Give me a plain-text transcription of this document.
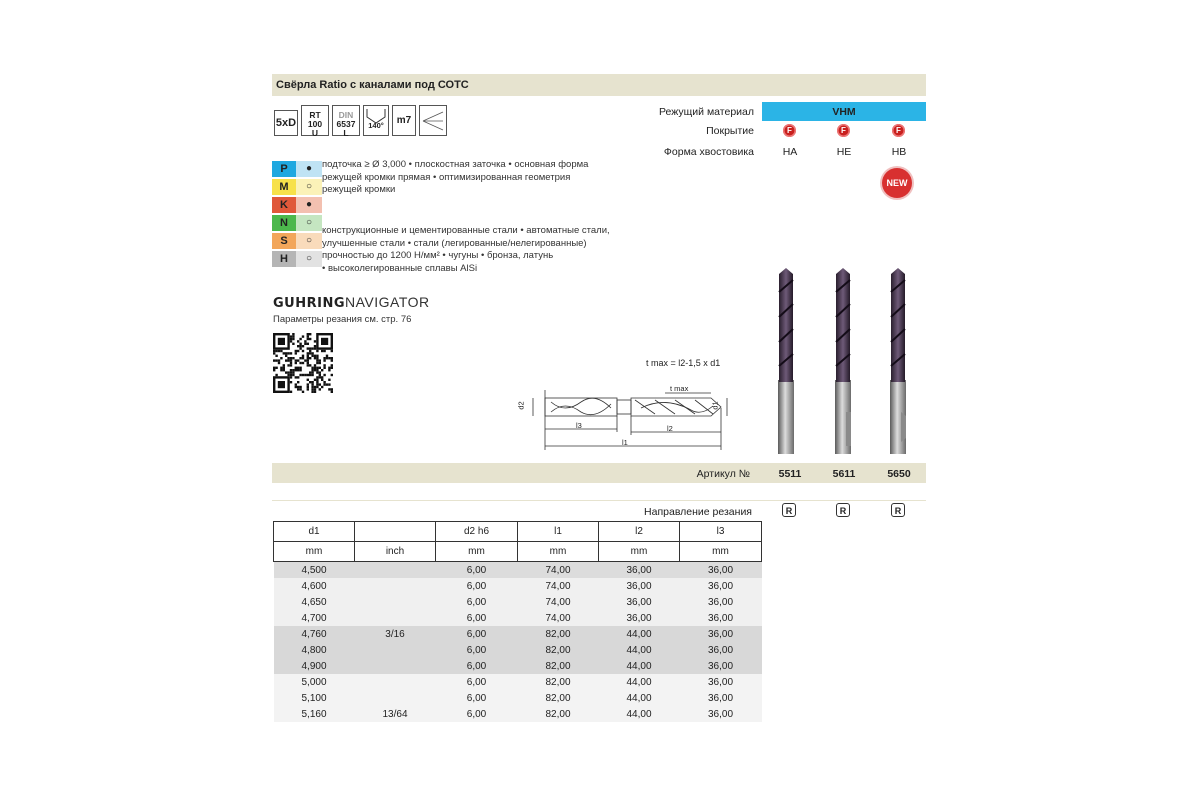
Свёрла Ratio с каналами под СОТС
5xD
RT 100
U
DIN
6537 L
140°	m7
P	●
M	○
K	●
N	○
S	○
H	○
подточка ≥ Ø 3,000 • плоскостная заточка • основная форма
режущей кромки прямая • оптимизированная геометрия
режущей кромки
конструкционные и цементированные стали • автоматные стали,
улучшенные стали • стали (легированные/нелегированные)
прочностью до 1200 Н/мм² • чугуны • бронза, латунь
• высоколегированные сплавы AlSi
GUHRINGNAVIGATOR
Параметры резания см. стр. 76
Режущий материал	VHM
Покрытие	F	F	F
Форма хвостовика	HA	HE	HB
NEW
t max = l2-1,5 x d1
t max
d2	d1
l3	l2
l1
Артикул №	5511	5611	5650
Направление резания	R	R	R
d1		d2 h6	l1	l2	l3
mm	inch	mm	mm	mm	mm
4,500		6,00	74,00	36,00	36,00
4,600		6,00	74,00	36,00	36,00
4,650		6,00	74,00	36,00	36,00
4,700		6,00	74,00	36,00	36,00
4,760	3/16	6,00	82,00	44,00	36,00
4,800		6,00	82,00	44,00	36,00
4,900		6,00	82,00	44,00	36,00
5,000		6,00	82,00	44,00	36,00
5,100		6,00	82,00	44,00	36,00
5,160	13/64	6,00	82,00	44,00	36,00
